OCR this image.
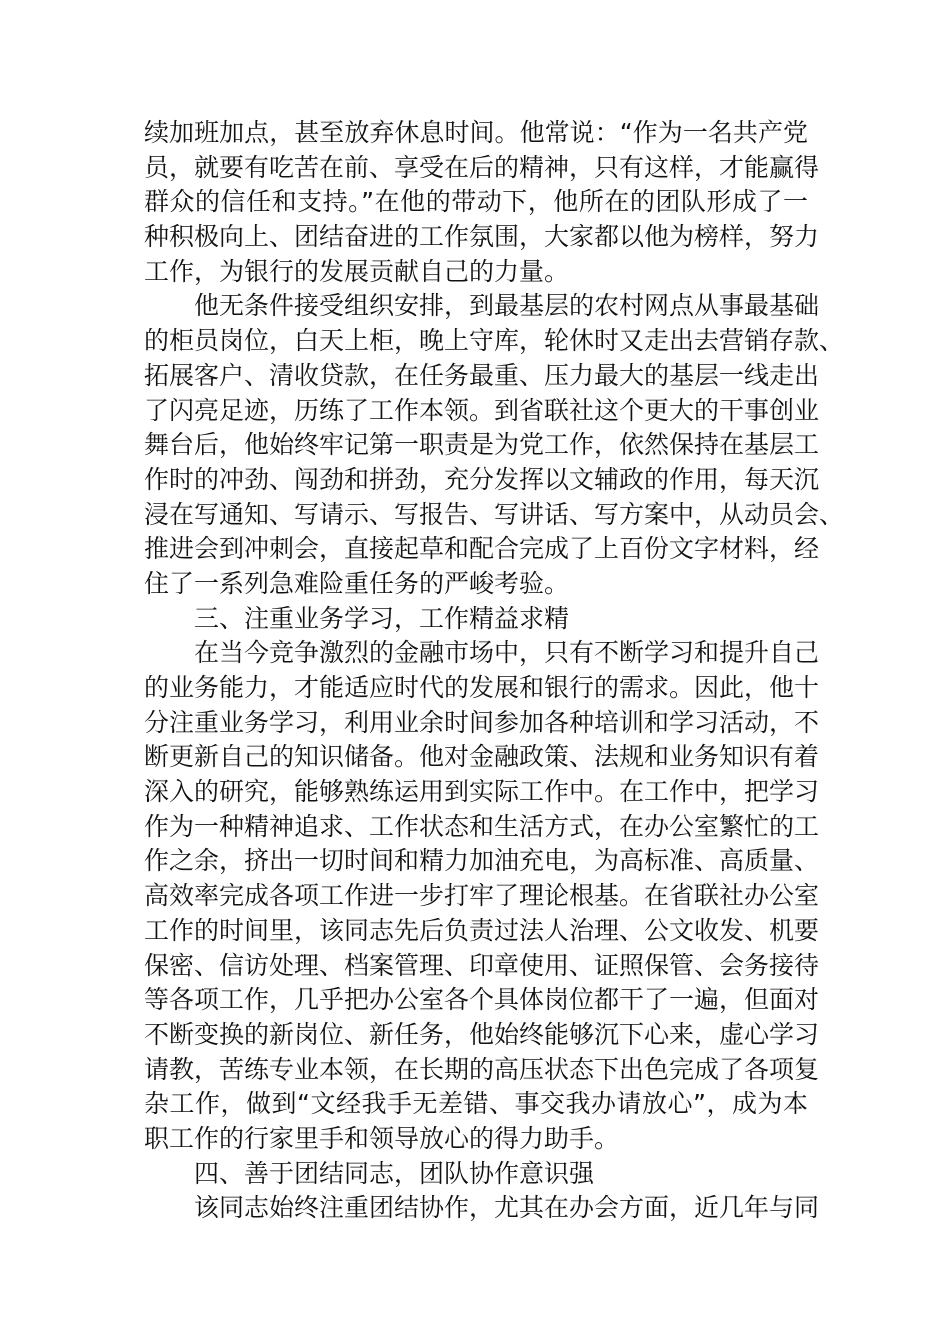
续加班加点，甚至放弃休息时间。他常说：“作为一名共产党
员，就要有吃苦在前、享受在后的精神，只有这样，才能赢得
群众的信任和支持。”在他的带动下，他所在的团队形成了一
种积极向上、团结奋进的工作氛围，大家都以他为榜样，努力
工作，为银行的发展贡献自己的力量。
他无条件接受组织安排，到最基层的农村网点从事最基础
的柜员岗位，白天上柜，晚上守库，轮休时又走出去营销存款、
拓展客户、清收贷款，在任务最重、压力最大的基层一线走出
了闪亮足迹，历练了工作本领。到省联社这个更大的干事创业
舞台后，他始终牢记第一职责是为党工作，依然保持在基层工
作时的冲劲、闯劲和拼劲，充分发挥以文辅政的作用，每天沉
浸在写通知、写请示、写报告、写讲话、写方案中，从动员会、
推进会到冲刺会，直接起草和配合完成了上百份文字材料，经
住了一系列急难险重任务的严峻考验。
三、注重业务学习，工作精益求精
在当今竞争激烈的金融市场中，只有不断学习和提升自己
的业务能力，才能适应时代的发展和银行的需求。因此，他十
分注重业务学习，利用业余时间参加各种培训和学习活动，不
断更新自己的知识储备。他对金融政策、法规和业务知识有着
深入的研究，能够熟练运用到实际工作中。在工作中，把学习
作为一种精神追求、工作状态和生活方式，在办公室繁忙的工
作之余，挤出一切时间和精力加油充电，为高标准、高质量、
高效率完成各项工作进一步打牢了理论根基。在省联社办公室
工作的时间里，该同志先后负责过法人治理、公文收发、机要
保密、信访处理、档案管理、印章使用、证照保管、会务接待
等各项工作，几乎把办公室各个具体岗位都干了一遍，但面对
不断变换的新岗位、新任务，他始终能够沉下心来，虚心学习
请教，苦练专业本领，在长期的高压状态下出色完成了各项复
杂工作，做到“文经我手无差错、事交我办请放心”，成为本
职工作的行家里手和领导放心的得力助手。
四、善于团结同志，团队协作意识强
该同志始终注重团结协作，尤其在办会方面，近几年与同
